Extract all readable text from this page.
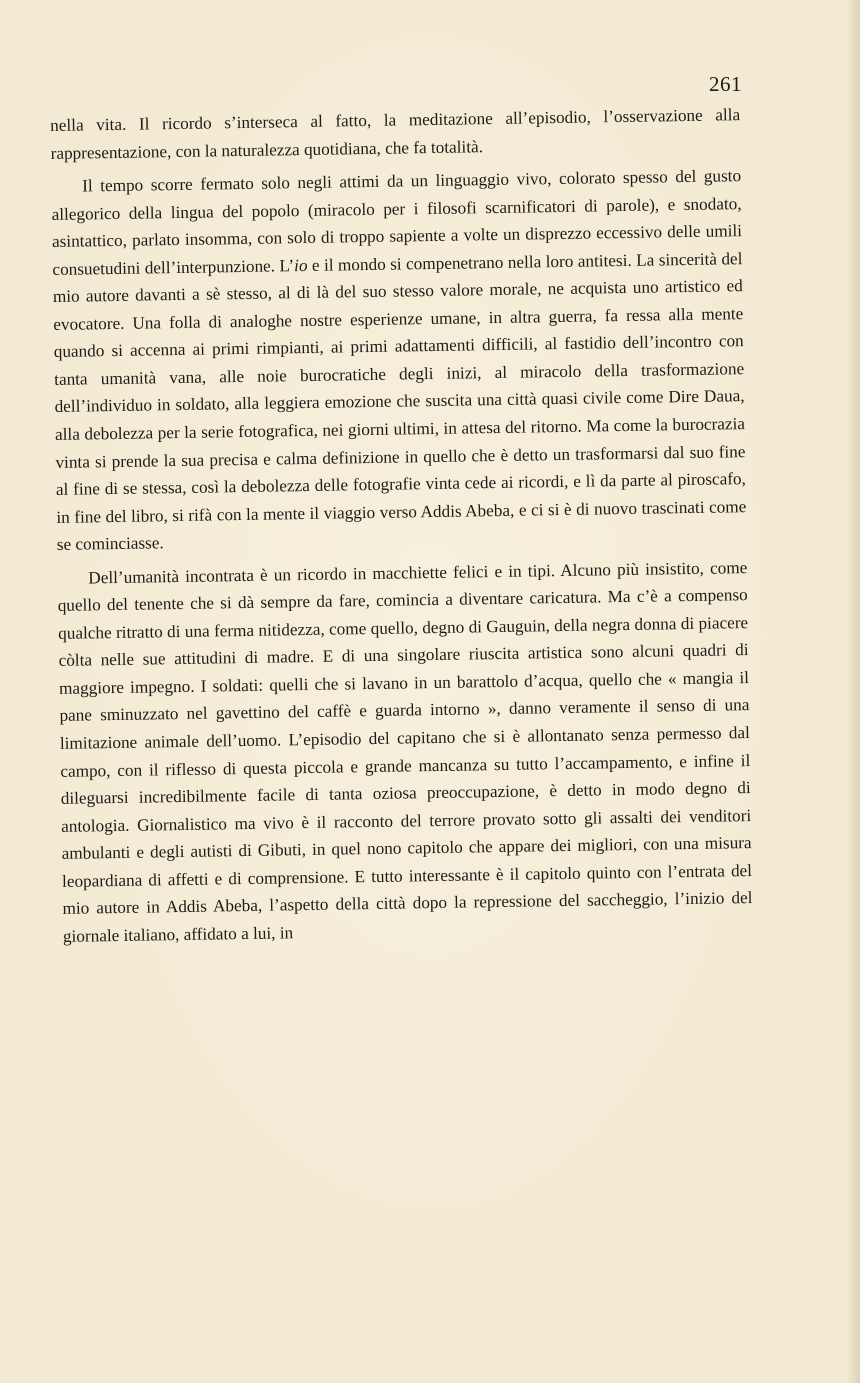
261

nella vita. Il ricordo s’interseca al fatto, la meditazione all’episodio, l’osservazione alla rappresentazione, con la naturalezza quotidiana, che fa totalità.

Il tempo scorre fermato solo negli attimi da un linguaggio vivo, colorato spesso del gusto allegorico della lingua del popolo (miracolo per i filosofi scarnificatori di parole), e snodato, asintattico, parlato insomma, con solo di troppo sapiente a volte un disprezzo eccessivo delle umili consuetudini dell’interpunzione. L’io e il mondo si compenetrano nella loro antitesi. La sincerità del mio autore davanti a sè stesso, al di là del suo stesso valore morale, ne acquista uno artistico ed evocatore. Una folla di analoghe nostre esperienze umane, in altra guerra, fa ressa alla mente quando si accenna ai primi rimpianti, ai primi adattamenti difficili, al fastidio dell’incontro con tanta umanità vana, alle noie burocratiche degli inizi, al miracolo della trasformazione dell’individuo in soldato, alla leggiera emozione che suscita una città quasi civile come Dire Daua, alla debolezza per la serie fotografica, nei giorni ultimi, in attesa del ritorno. Ma come la burocrazia vinta si prende la sua precisa e calma definizione in quello che è detto un trasformarsi dal suo fine al fine di se stessa, così la debolezza delle fotografie vinta cede ai ricordi, e lì da parte al piroscafo, in fine del libro, si rifà con la mente il viaggio verso Addis Abeba, e ci si è di nuovo trascinati come se cominciasse.

Dell’umanità incontrata è un ricordo in macchiette felici e in tipi. Alcuno più insistito, come quello del tenente che si dà sempre da fare, comincia a diventare caricatura. Ma c’è a compenso qualche ritratto di una ferma nitidezza, come quello, degno di Gauguin, della negra donna di piacere còlta nelle sue attitudini di madre. E di una singolare riuscita artistica sono alcuni quadri di maggiore impegno. I soldati: quelli che si lavano in un barattolo d’acqua, quello che « mangia il pane sminuzzato nel gavettino del caffè e guarda intorno », danno veramente il senso di una limitazione animale dell’uomo. L’episodio del capitano che si è allontanato senza permesso dal campo, con il riflesso di questa piccola e grande mancanza su tutto l’accampamento, e infine il dileguarsi incredibilmente facile di tanta oziosa preoccupazione, è detto in modo degno di antologia. Giornalistico ma vivo è il racconto del terrore provato sotto gli assalti dei venditori ambulanti e degli autisti di Gibuti, in quel nono capitolo che appare dei migliori, con una misura leopardiana di affetti e di comprensione. E tutto interessante è il capitolo quinto con l’entrata del mio autore in Addis Abeba, l’aspetto della città dopo la repressione del saccheggio, l’inizio del giornale italiano, affidato a lui, in
